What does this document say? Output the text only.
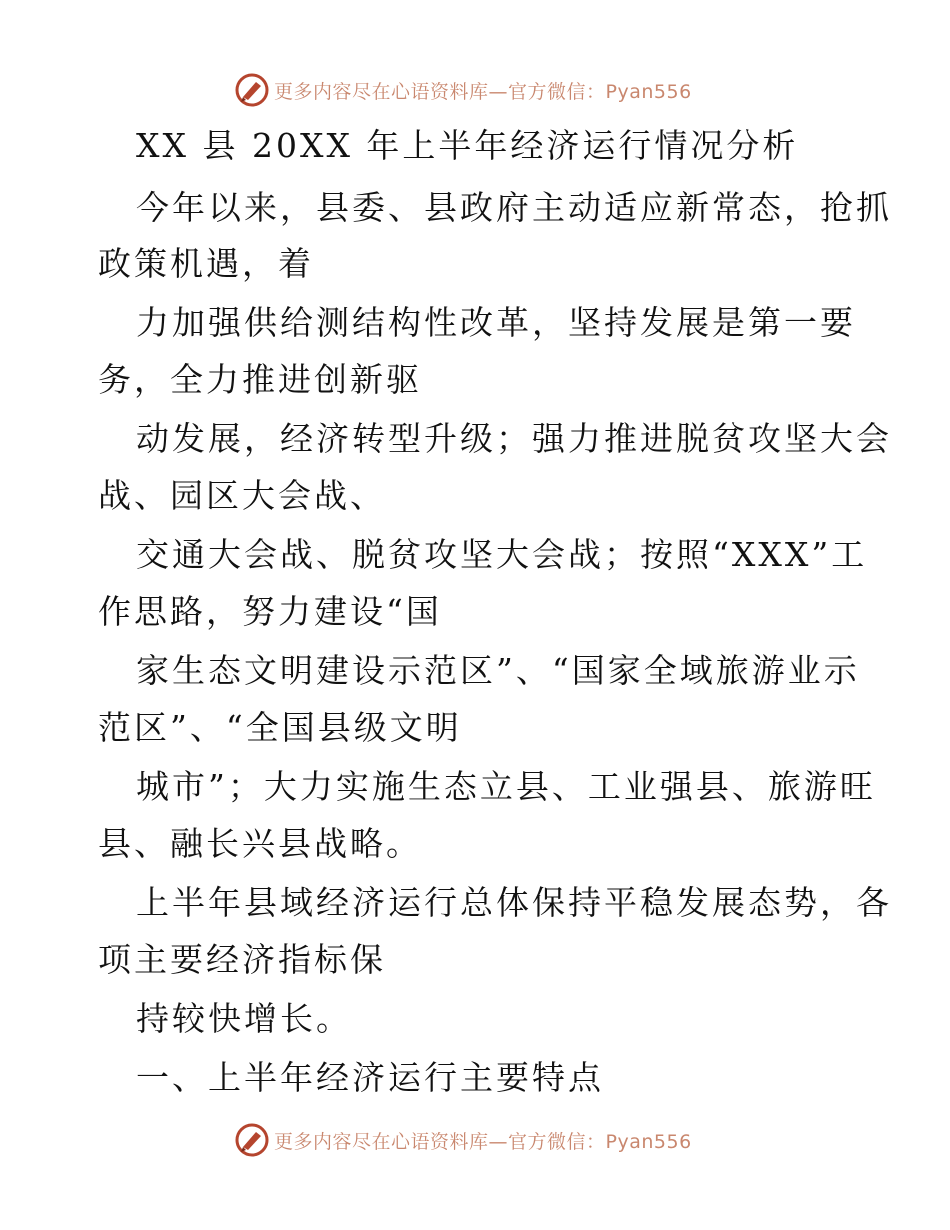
更多内容尽在心语资料库—官方微信：Pyan556
XX 县 20XX 年上半年经济运行情况分析
今年以来，县委、县政府主动适应新常态，抢抓
政策机遇，着
力加强供给测结构性改革，坚持发展是第一要
务，全力推进创新驱
动发展，经济转型升级；强力推进脱贫攻坚大会
战、园区大会战、
交通大会战、脱贫攻坚大会战；按照“XXX”工
作思路，努力建设“国
家生态文明建设示范区”、“国家全域旅游业示
范区”、“全国县级文明
城市”；大力实施生态立县、工业强县、旅游旺
县、融长兴县战略。
上半年县域经济运行总体保持平稳发展态势，各
项主要经济指标保
持较快增长。
一、上半年经济运行主要特点
更多内容尽在心语资料库—官方微信：Pyan556
